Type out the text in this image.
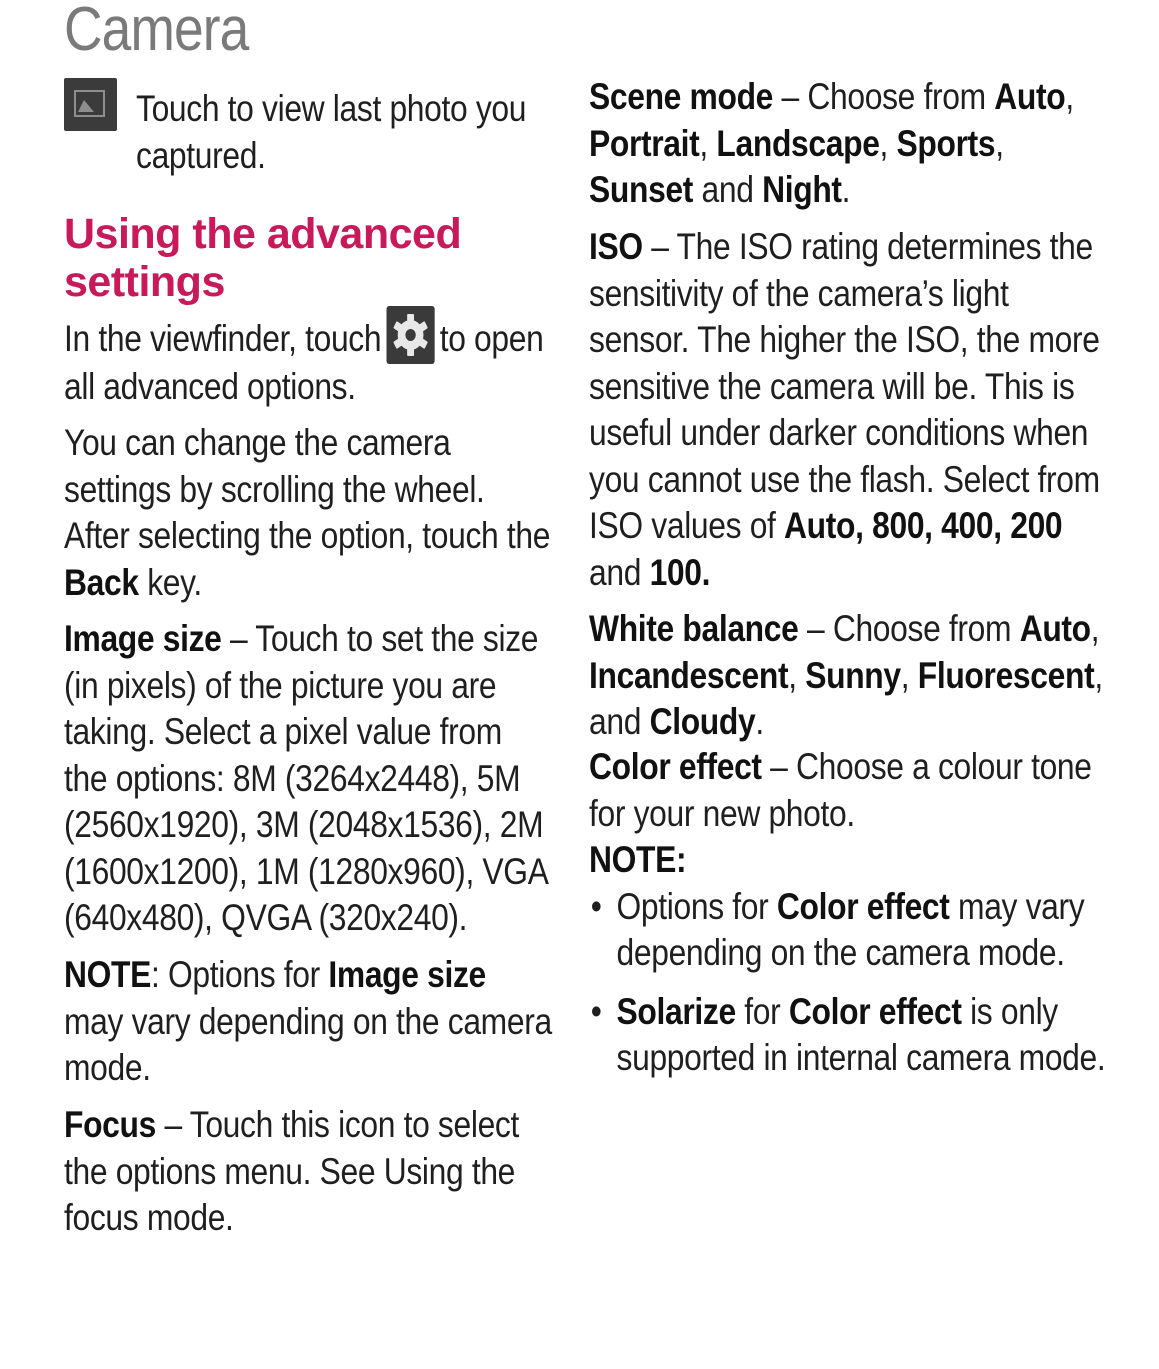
Camera

Touch to view last photo you captured.

Using the advanced
settings

In the viewfinder, touch to open all advanced options.

You can change the camera settings by scrolling the wheel. After selecting the option, touch the Back key.

Image size – Touch to set the size (in pixels) of the picture you are taking. Select a pixel value from the options: 8M (3264x2448), 5M (2560x1920), 3M (2048x1536), 2M (1600x1200), 1M (1280x960), VGA (640x480), QVGA (320x240).

NOTE: Options for Image size may vary depending on the camera mode.

Focus – Touch this icon to select the options menu. See Using the focus mode.

Scene mode – Choose from Auto, Portrait, Landscape, Sports, Sunset and Night.

ISO – The ISO rating determines the sensitivity of the camera’s light sensor. The higher the ISO, the more sensitive the camera will be. This is useful under darker conditions when you cannot use the flash. Select from ISO values of Auto, 800, 400, 200 and 100.

White balance – Choose from Auto, Incandescent, Sunny, Fluorescent, and Cloudy.

Color effect – Choose a colour tone for your new photo.

NOTE:

• Options for Color effect may vary depending on the camera mode.
• Solarize for Color effect is only supported in internal camera mode.
